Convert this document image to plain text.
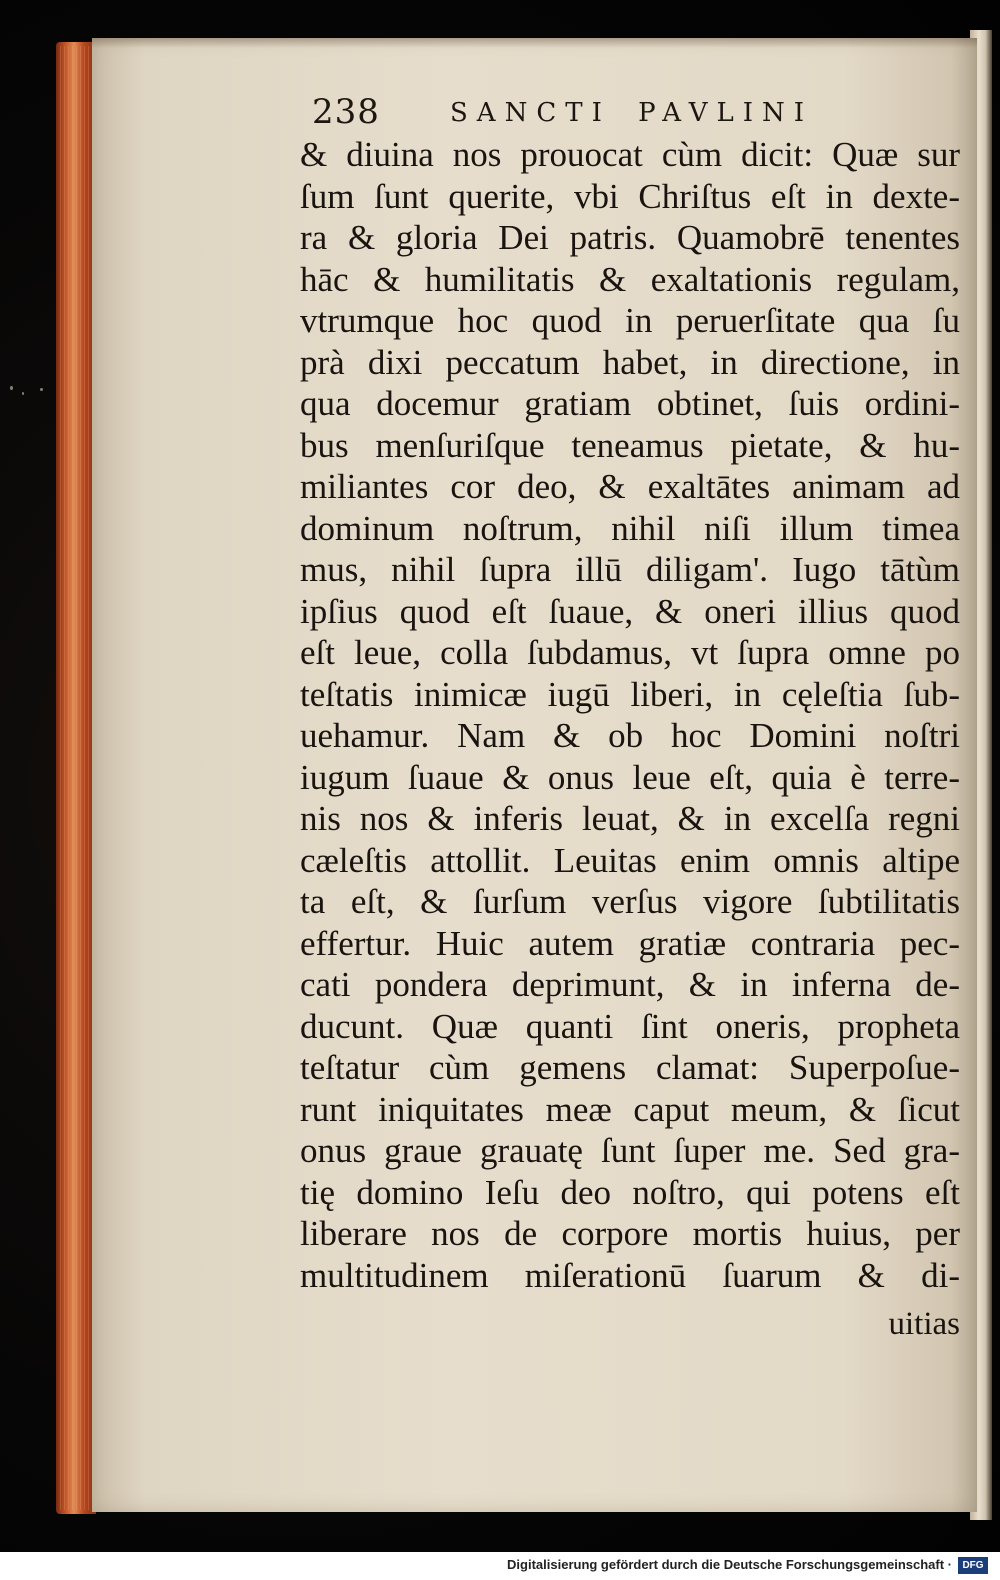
238	SANCTI PAVLINI
& diuina nos prouocat cùm dicit: Quæ sur
ſum ſunt querite, vbi Chriſtus eſt in dexte-
ra & gloria Dei patris. Quamobrē tenentes
hāc & humilitatis & exaltationis regulam,
vtrumque hoc quod in peruerſitate qua ſu
prà dixi peccatum habet, in directione, in
qua docemur gratiam obtinet, ſuis ordini-
bus menſuriſque teneamus pietate, & hu-
miliantes cor deo, & exaltātes animam ad
dominum noſtrum, nihil niſi illum timea
mus, nihil ſupra illū diligam'. Iugo tātùm
ipſius quod eſt ſuaue, & oneri illius quod
eſt leue, colla ſubdamus, vt ſupra omne po
teſtatis inimicæ iugū liberi, in cęleſtia ſub-
uehamur. Nam & ob hoc Domini noſtri
iugum ſuaue & onus leue eſt, quia è terre-
nis nos & inferis leuat, & in excelſa regni
cæleſtis attollit. Leuitas enim omnis altipe
ta eſt, & ſurſum verſus vigore ſubtilitatis
effertur. Huic autem gratiæ contraria pec-
cati pondera deprimunt, & in inferna de-
ducunt. Quæ quanti ſint oneris, propheta
teſtatur cùm gemens clamat: Superpoſue-
runt iniquitates meæ caput meum, & ſicut
onus graue grauatę ſunt ſuper me. Sed gra-
tię domino Ieſu deo noſtro, qui potens eſt
liberare nos de corpore mortis huius, per
multitudinem miſerationū ſuarum & di-
uitias
Digitalisierung gefördert durch die Deutsche Forschungsgemeinschaft ·	DFG
